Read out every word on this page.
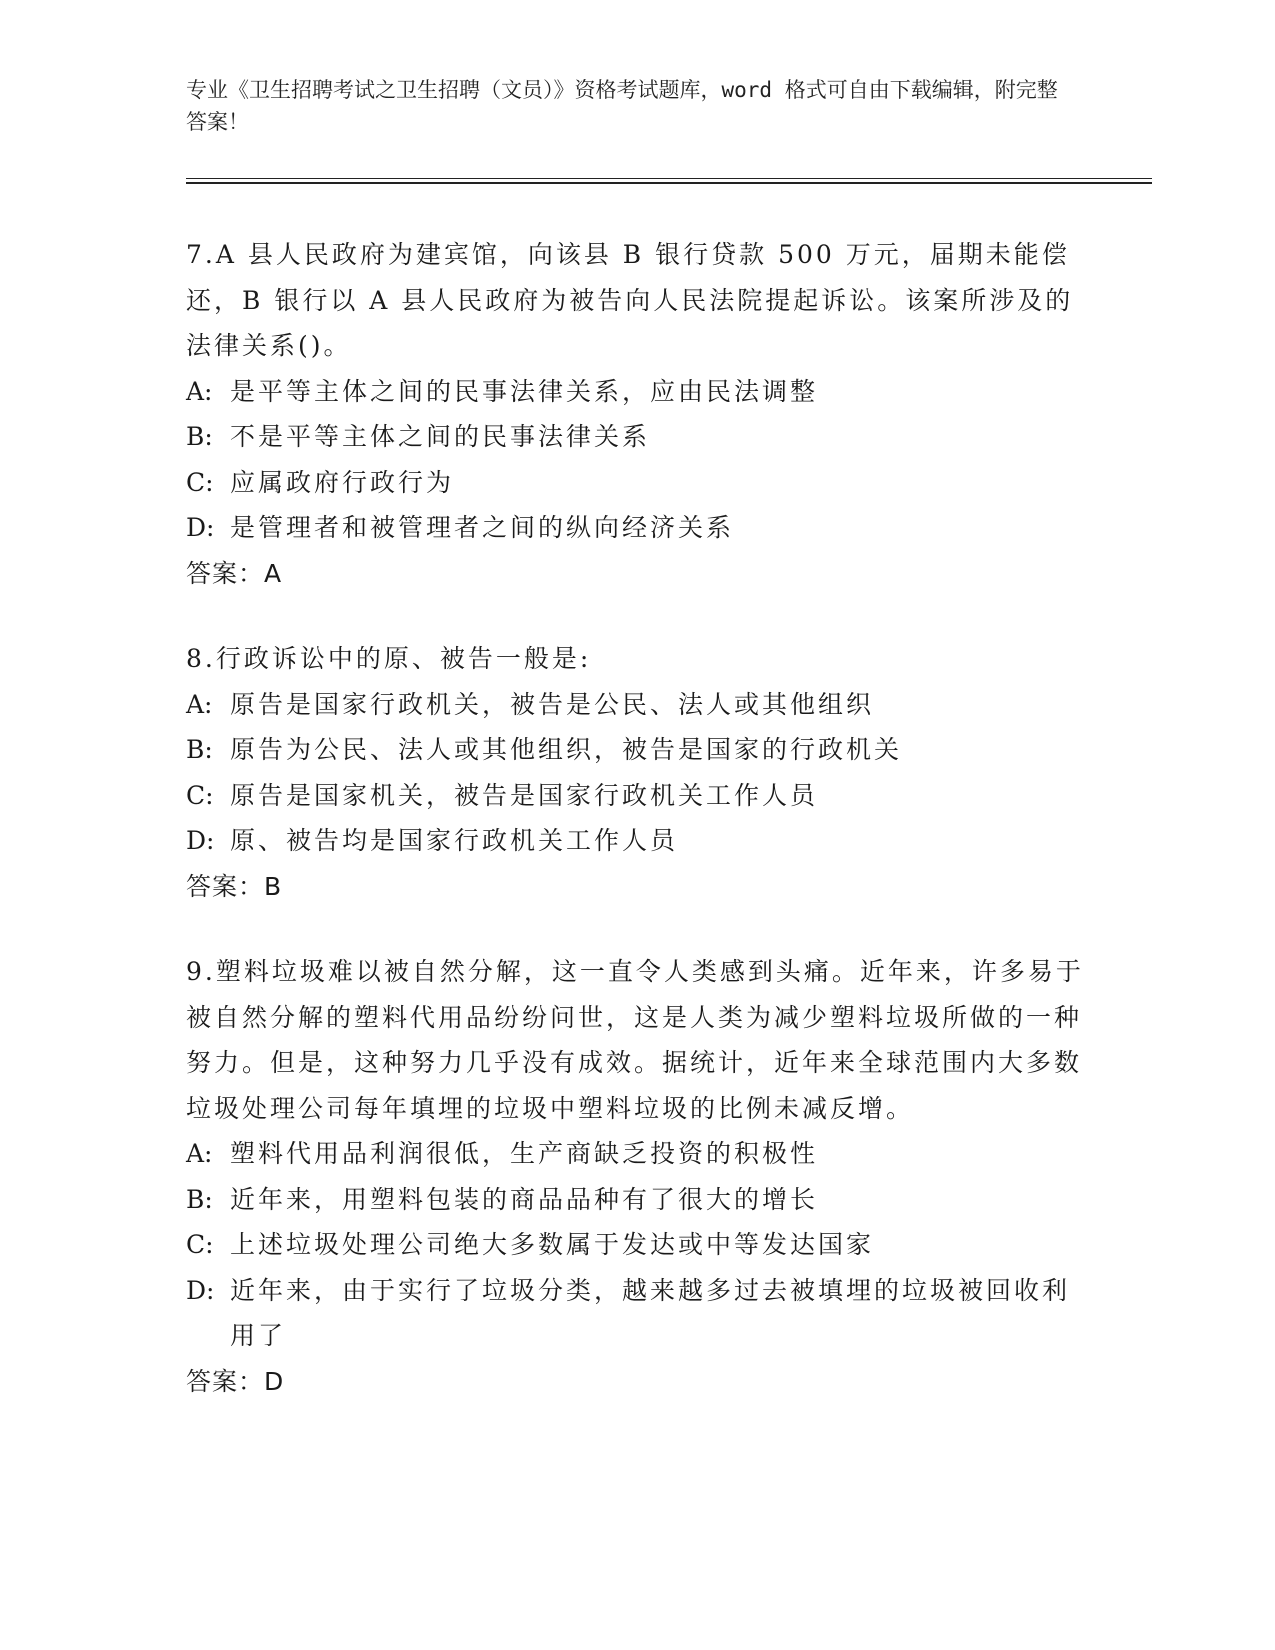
专业《卫生招聘考试之卫生招聘（文员）》资格考试题库，word 格式可自由下载编辑，附完整答案！

7.A 县人民政府为建宾馆，向该县 B 银行贷款 500 万元，届期未能偿还，B 银行以 A 县人民政府为被告向人民法院提起诉讼。该案所涉及的法律关系()。

A: 是平等主体之间的民事法律关系，应由民法调整

B: 不是平等主体之间的民事法律关系

C: 应属政府行政行为

D: 是管理者和被管理者之间的纵向经济关系

答案：A

8.行政诉讼中的原、被告一般是:

A: 原告是国家行政机关，被告是公民、法人或其他组织

B: 原告为公民、法人或其他组织，被告是国家的行政机关

C: 原告是国家机关，被告是国家行政机关工作人员

D: 原、被告均是国家行政机关工作人员

答案：B

9.塑料垃圾难以被自然分解，这一直令人类感到头痛。近年来，许多易于被自然分解的塑料代用品纷纷问世，这是人类为减少塑料垃圾所做的一种努力。但是，这种努力几乎没有成效。据统计，近年来全球范围内大多数垃圾处理公司每年填埋的垃圾中塑料垃圾的比例未减反增。

A: 塑料代用品利润很低，生产商缺乏投资的积极性

B: 近年来，用塑料包装的商品品种有了很大的增长

C: 上述垃圾处理公司绝大多数属于发达或中等发达国家

D: 近年来，由于实行了垃圾分类，越来越多过去被填埋的垃圾被回收利用了

答案：D
